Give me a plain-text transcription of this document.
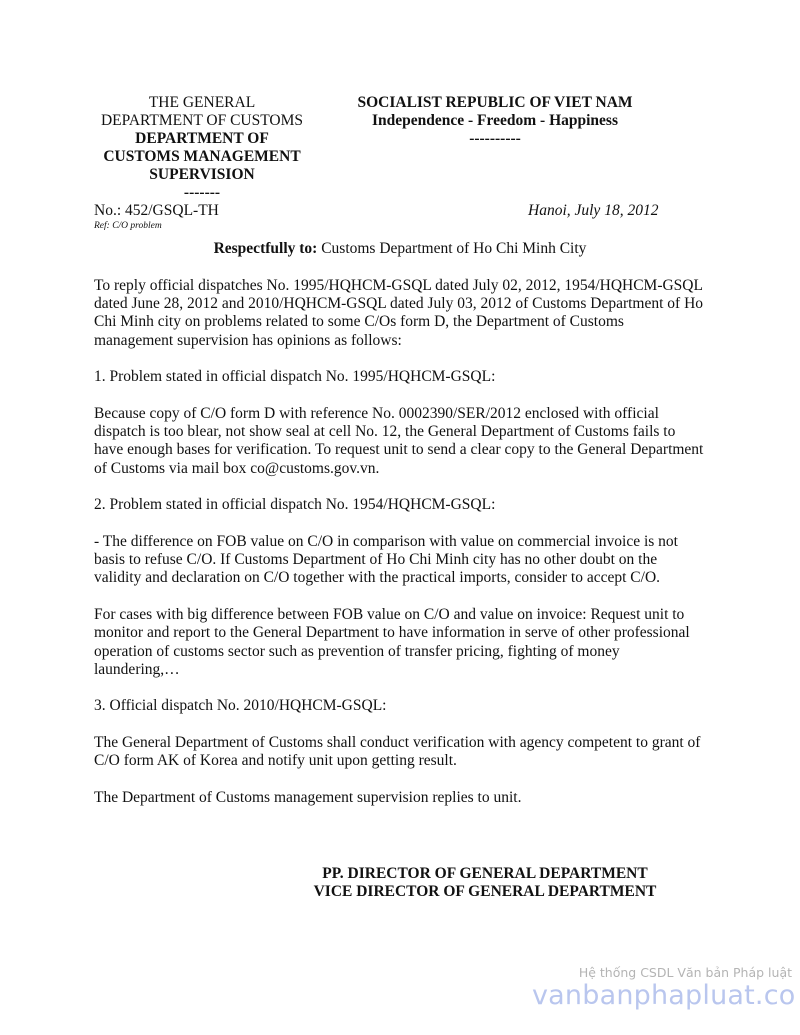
THE GENERAL
DEPARTMENT OF CUSTOMS
DEPARTMENT OF
CUSTOMS MANAGEMENT
SUPERVISION
-------
SOCIALIST REPUBLIC OF VIET NAM
Independence - Freedom - Happiness
----------
No.: 452/GSQL-TH
Ref: C/O problem
Hanoi, July 18, 2012
Respectfully to: Customs Department of Ho Chi Minh City

To reply official dispatches No. 1995/HQHCM-GSQL dated July 02, 2012, 1954/HQHCM-GSQL dated June 28, 2012 and 2010/HQHCM-GSQL dated July 03, 2012 of Customs Department of Ho Chi Minh city on problems related to some C/Os form D, the Department of Customs management supervision has opinions as follows:

1. Problem stated in official dispatch No. 1995/HQHCM-GSQL:

Because copy of C/O form D with reference No. 0002390/SER/2012 enclosed with official dispatch is too blear, not show seal at cell No. 12, the General Department of Customs fails to have enough bases for verification. To request unit to send a clear copy to the General Department of Customs via mail box co@customs.gov.vn.

2. Problem stated in official dispatch No. 1954/HQHCM-GSQL:

- The difference on FOB value on C/O in comparison with value on commercial invoice is not basis to refuse C/O. If Customs Department of Ho Chi Minh city has no other doubt on the validity and declaration on C/O together with the practical imports, consider to accept C/O.

For cases with big difference between FOB value on C/O and value on invoice: Request unit to monitor and report to the General Department to have information in serve of other professional operation of customs sector such as prevention of transfer pricing, fighting of money laundering,…

3. Official dispatch No. 2010/HQHCM-GSQL:

The General Department of Customs shall conduct verification with agency competent to grant of C/O form AK of Korea and notify unit upon getting result.

The Department of Customs management supervision replies to unit.

PP. DIRECTOR OF GENERAL DEPARTMENT
VICE DIRECTOR OF GENERAL DEPARTMENT
Hệ thống CSDL Văn bản Pháp luật
vanbanphapluat.co
